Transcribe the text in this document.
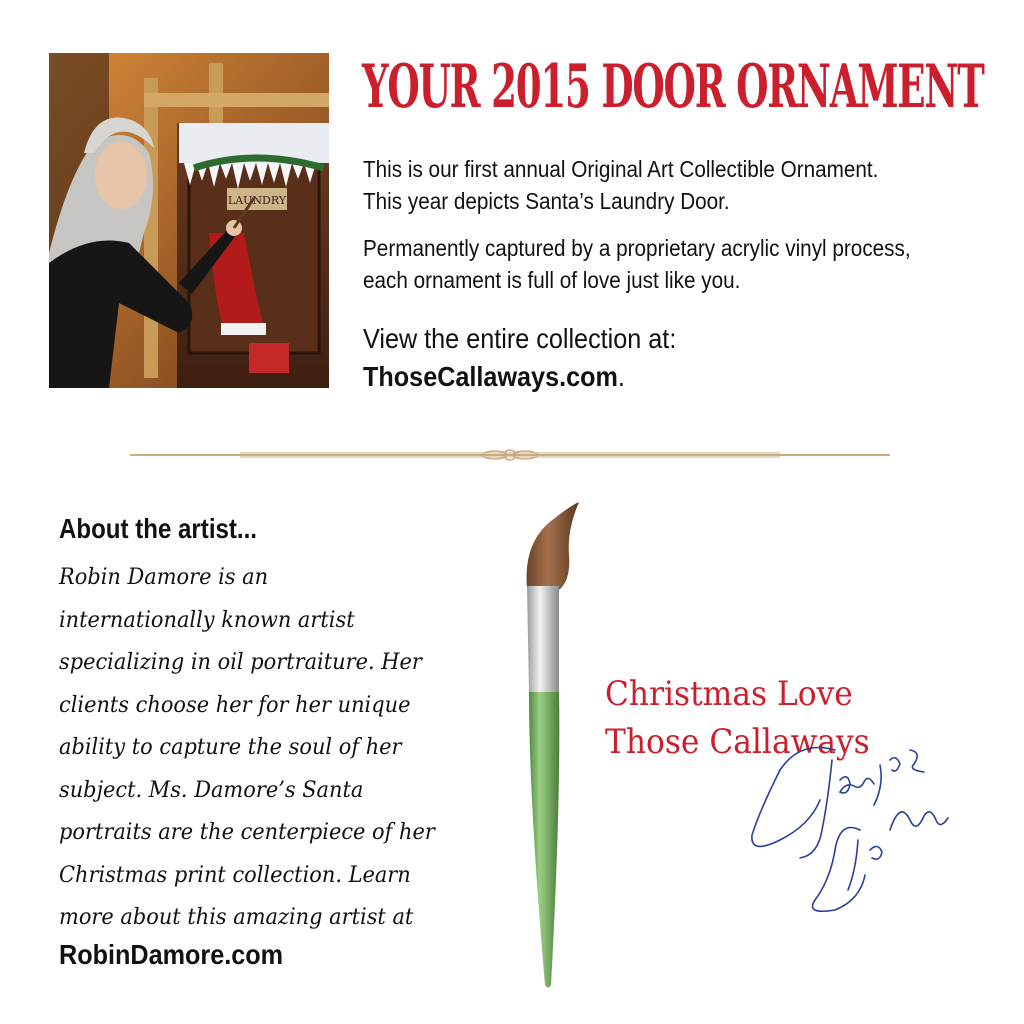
LAUNDRY
YOUR 2015 DOOR ORNAMENT
This is our first annual Original Art Collectible Ornament.
This year depicts Santa’s Laundry Door.
Permanently captured by a proprietary acrylic vinyl process,
each ornament is full of love just like you.
View the entire collection at:
ThoseCallaways.com.
About the artist...
Robin Damore is an
internationally known artist
specializing in oil portraiture. Her
clients choose her for her unique
ability to capture the soul of her
subject. Ms. Damore’s Santa
portraits are the centerpiece of her
Christmas print collection. Learn
more about this amazing artist at
RobinDamore.com
Christmas Love
Those Callaways
